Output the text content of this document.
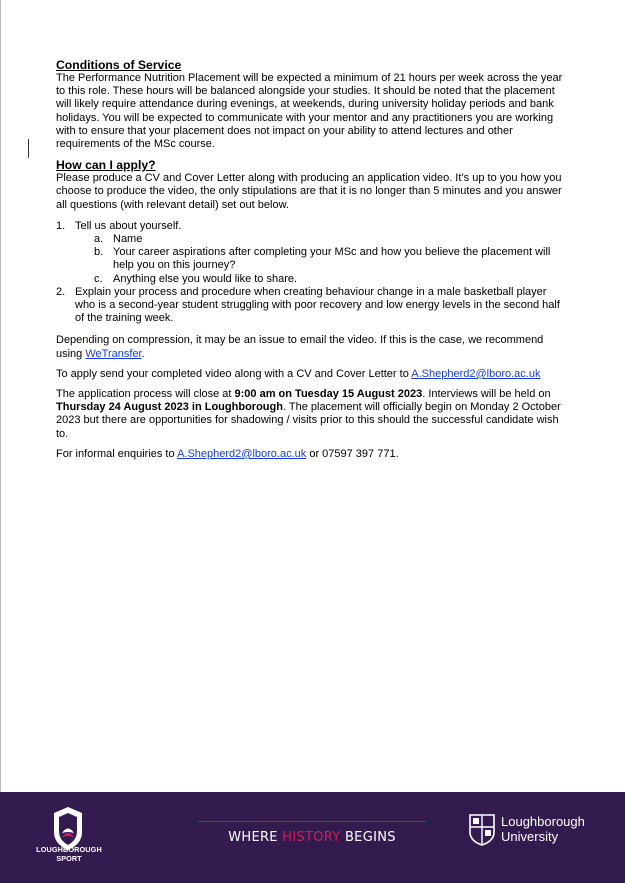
Conditions of Service

The Performance Nutrition Placement will be expected a minimum of 21 hours per week across the year to this role. These hours will be balanced alongside your studies. It should be noted that the placement will likely require attendance during evenings, at weekends, during university holiday periods and bank holidays. You will be expected to communicate with your mentor and any practitioners you are working with to ensure that your placement does not impact on your ability to attend lectures and other requirements of the MSc course.

How can I apply?

Please produce a CV and Cover Letter along with producing an application video. It’s up to you how you choose to produce the video, the only stipulations are that it is no longer than 5 minutes and you answer all questions (with relevant detail) set out below.

1. Tell us about yourself.
a. Name
b. Your career aspirations after completing your MSc and how you believe the placement will help you on this journey?
c. Anything else you would like to share.
2. Explain your process and procedure when creating behaviour change in a male basketball player who is a second-year student struggling with poor recovery and low energy levels in the second half of the training week.

Depending on compression, it may be an issue to email the video. If this is the case, we recommend using WeTransfer.

To apply send your completed video along with a CV and Cover Letter to A.Shepherd2@lboro.ac.uk

The application process will close at 9:00 am on Tuesday 15 August 2023. Interviews will be held on Thursday 24 August 2023 in Loughborough. The placement will officially begin on Monday 2 October 2023 but there are opportunities for shadowing / visits prior to this should the successful candidate wish to.

For informal enquiries to A.Shepherd2@lboro.ac.uk or 07597 397 771.

LOUGHBOROUGH
SPORT
WHERE HISTORY BEGINS
Loughborough
University
